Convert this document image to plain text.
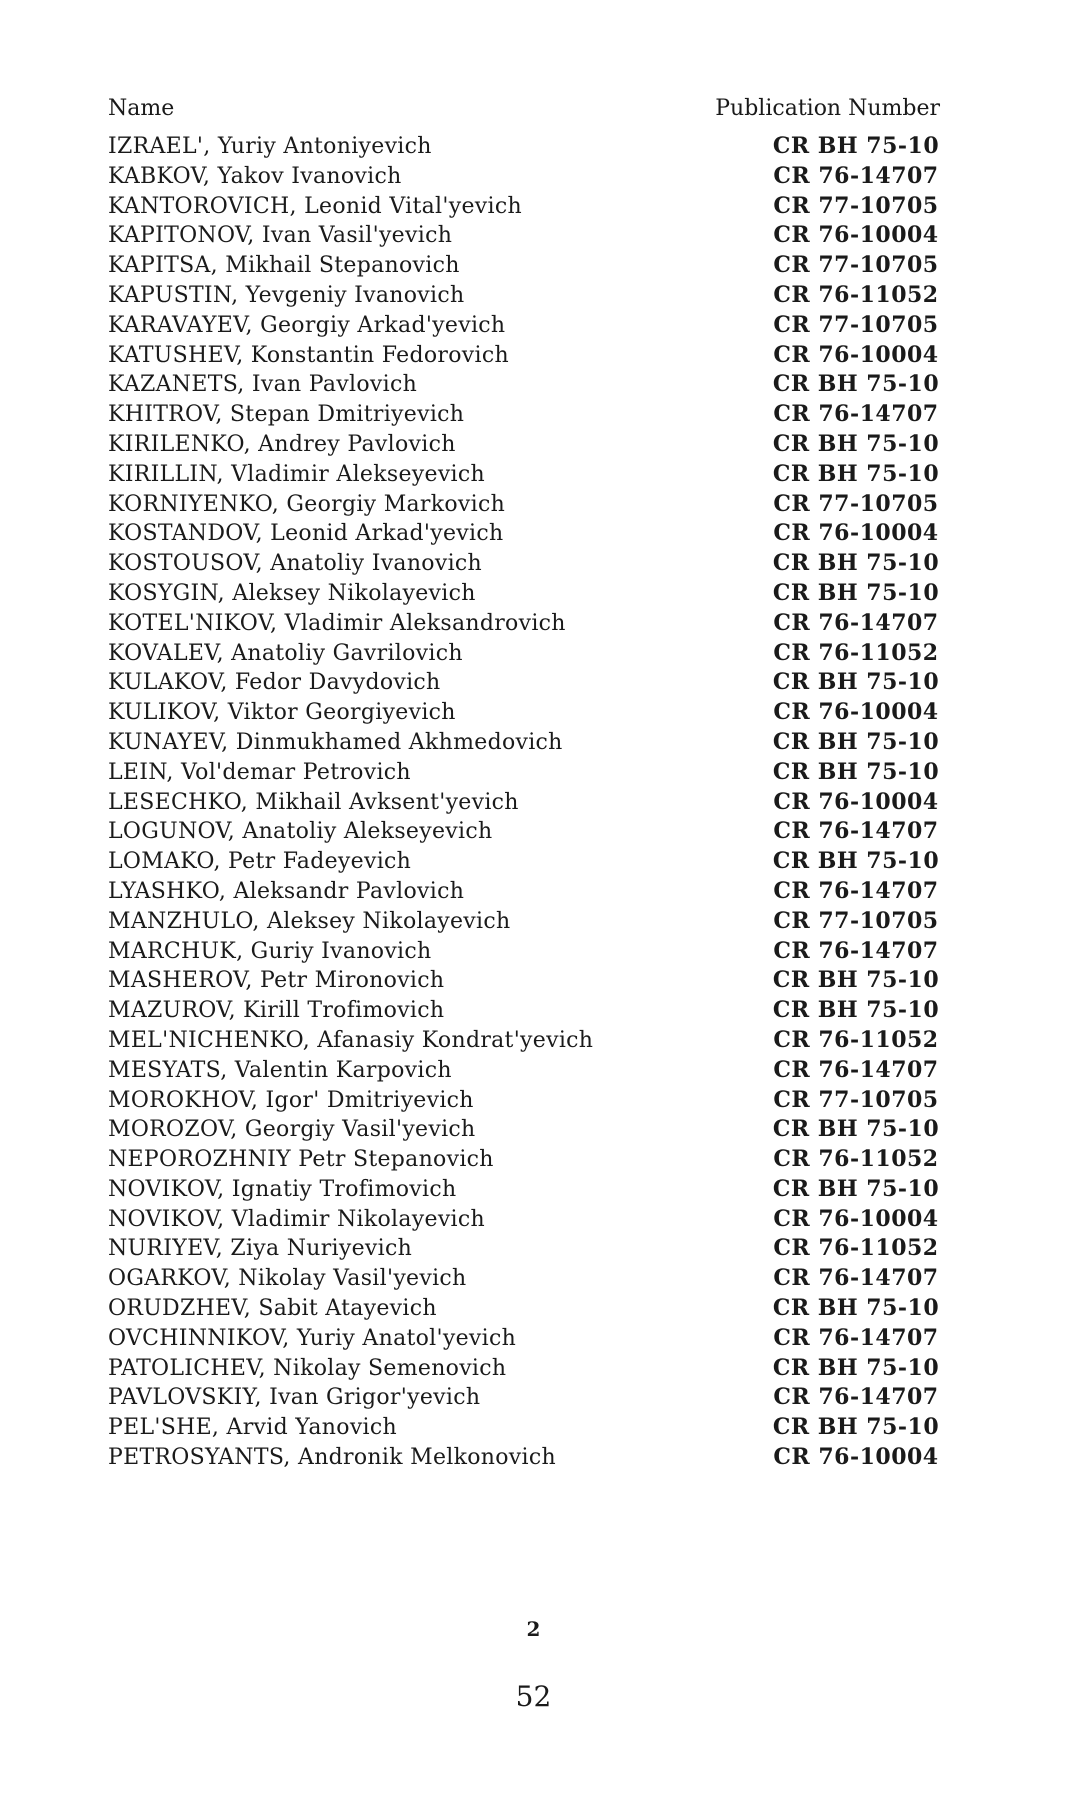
Name	Publication Number
IZRAEL', Yuriy Antoniyevich	CR BH 75-10
KABKOV, Yakov Ivanovich	CR 76-14707
KANTOROVICH, Leonid Vital'yevich	CR 77-10705
KAPITONOV, Ivan Vasil'yevich	CR 76-10004
KAPITSA, Mikhail Stepanovich	CR 77-10705
KAPUSTIN, Yevgeniy Ivanovich	CR 76-11052
KARAVAYEV, Georgiy Arkad'yevich	CR 77-10705
KATUSHEV, Konstantin Fedorovich	CR 76-10004
KAZANETS, Ivan Pavlovich	CR BH 75-10
KHITROV, Stepan Dmitriyevich	CR 76-14707
KIRILENKO, Andrey Pavlovich	CR BH 75-10
KIRILLIN, Vladimir Alekseyevich	CR BH 75-10
KORNIYENKO, Georgiy Markovich	CR 77-10705
KOSTANDOV, Leonid Arkad'yevich	CR 76-10004
KOSTOUSOV, Anatoliy Ivanovich	CR BH 75-10
KOSYGIN, Aleksey Nikolayevich	CR BH 75-10
KOTEL'NIKOV, Vladimir Aleksandrovich	CR 76-14707
KOVALEV, Anatoliy Gavrilovich	CR 76-11052
KULAKOV, Fedor Davydovich	CR BH 75-10
KULIKOV, Viktor Georgiyevich	CR 76-10004
KUNAYEV, Dinmukhamed Akhmedovich	CR BH 75-10
LEIN, Vol'demar Petrovich	CR BH 75-10
LESECHKO, Mikhail Avksent'yevich	CR 76-10004
LOGUNOV, Anatoliy Alekseyevich	CR 76-14707
LOMAKO, Petr Fadeyevich	CR BH 75-10
LYASHKO, Aleksandr Pavlovich	CR 76-14707
MANZHULO, Aleksey Nikolayevich	CR 77-10705
MARCHUK, Guriy Ivanovich	CR 76-14707
MASHEROV, Petr Mironovich	CR BH 75-10
MAZUROV, Kirill Trofimovich	CR BH 75-10
MEL'NICHENKO, Afanasiy Kondrat'yevich	CR 76-11052
MESYATS, Valentin Karpovich	CR 76-14707
MOROKHOV, Igor' Dmitriyevich	CR 77-10705
MOROZOV, Georgiy Vasil'yevich	CR BH 75-10
NEPOROZHNIY Petr Stepanovich	CR 76-11052
NOVIKOV, Ignatiy Trofimovich	CR BH 75-10
NOVIKOV, Vladimir Nikolayevich	CR 76-10004
NURIYEV, Ziya Nuriyevich	CR 76-11052
OGARKOV, Nikolay Vasil'yevich	CR 76-14707
ORUDZHEV, Sabit Atayevich	CR BH 75-10
OVCHINNIKOV, Yuriy Anatol'yevich	CR 76-14707
PATOLICHEV, Nikolay Semenovich	CR BH 75-10
PAVLOVSKIY, Ivan Grigor'yevich	CR 76-14707
PEL'SHE, Arvid Yanovich	CR BH 75-10
PETROSYANTS, Andronik Melkonovich	CR 76-10004
2
52
